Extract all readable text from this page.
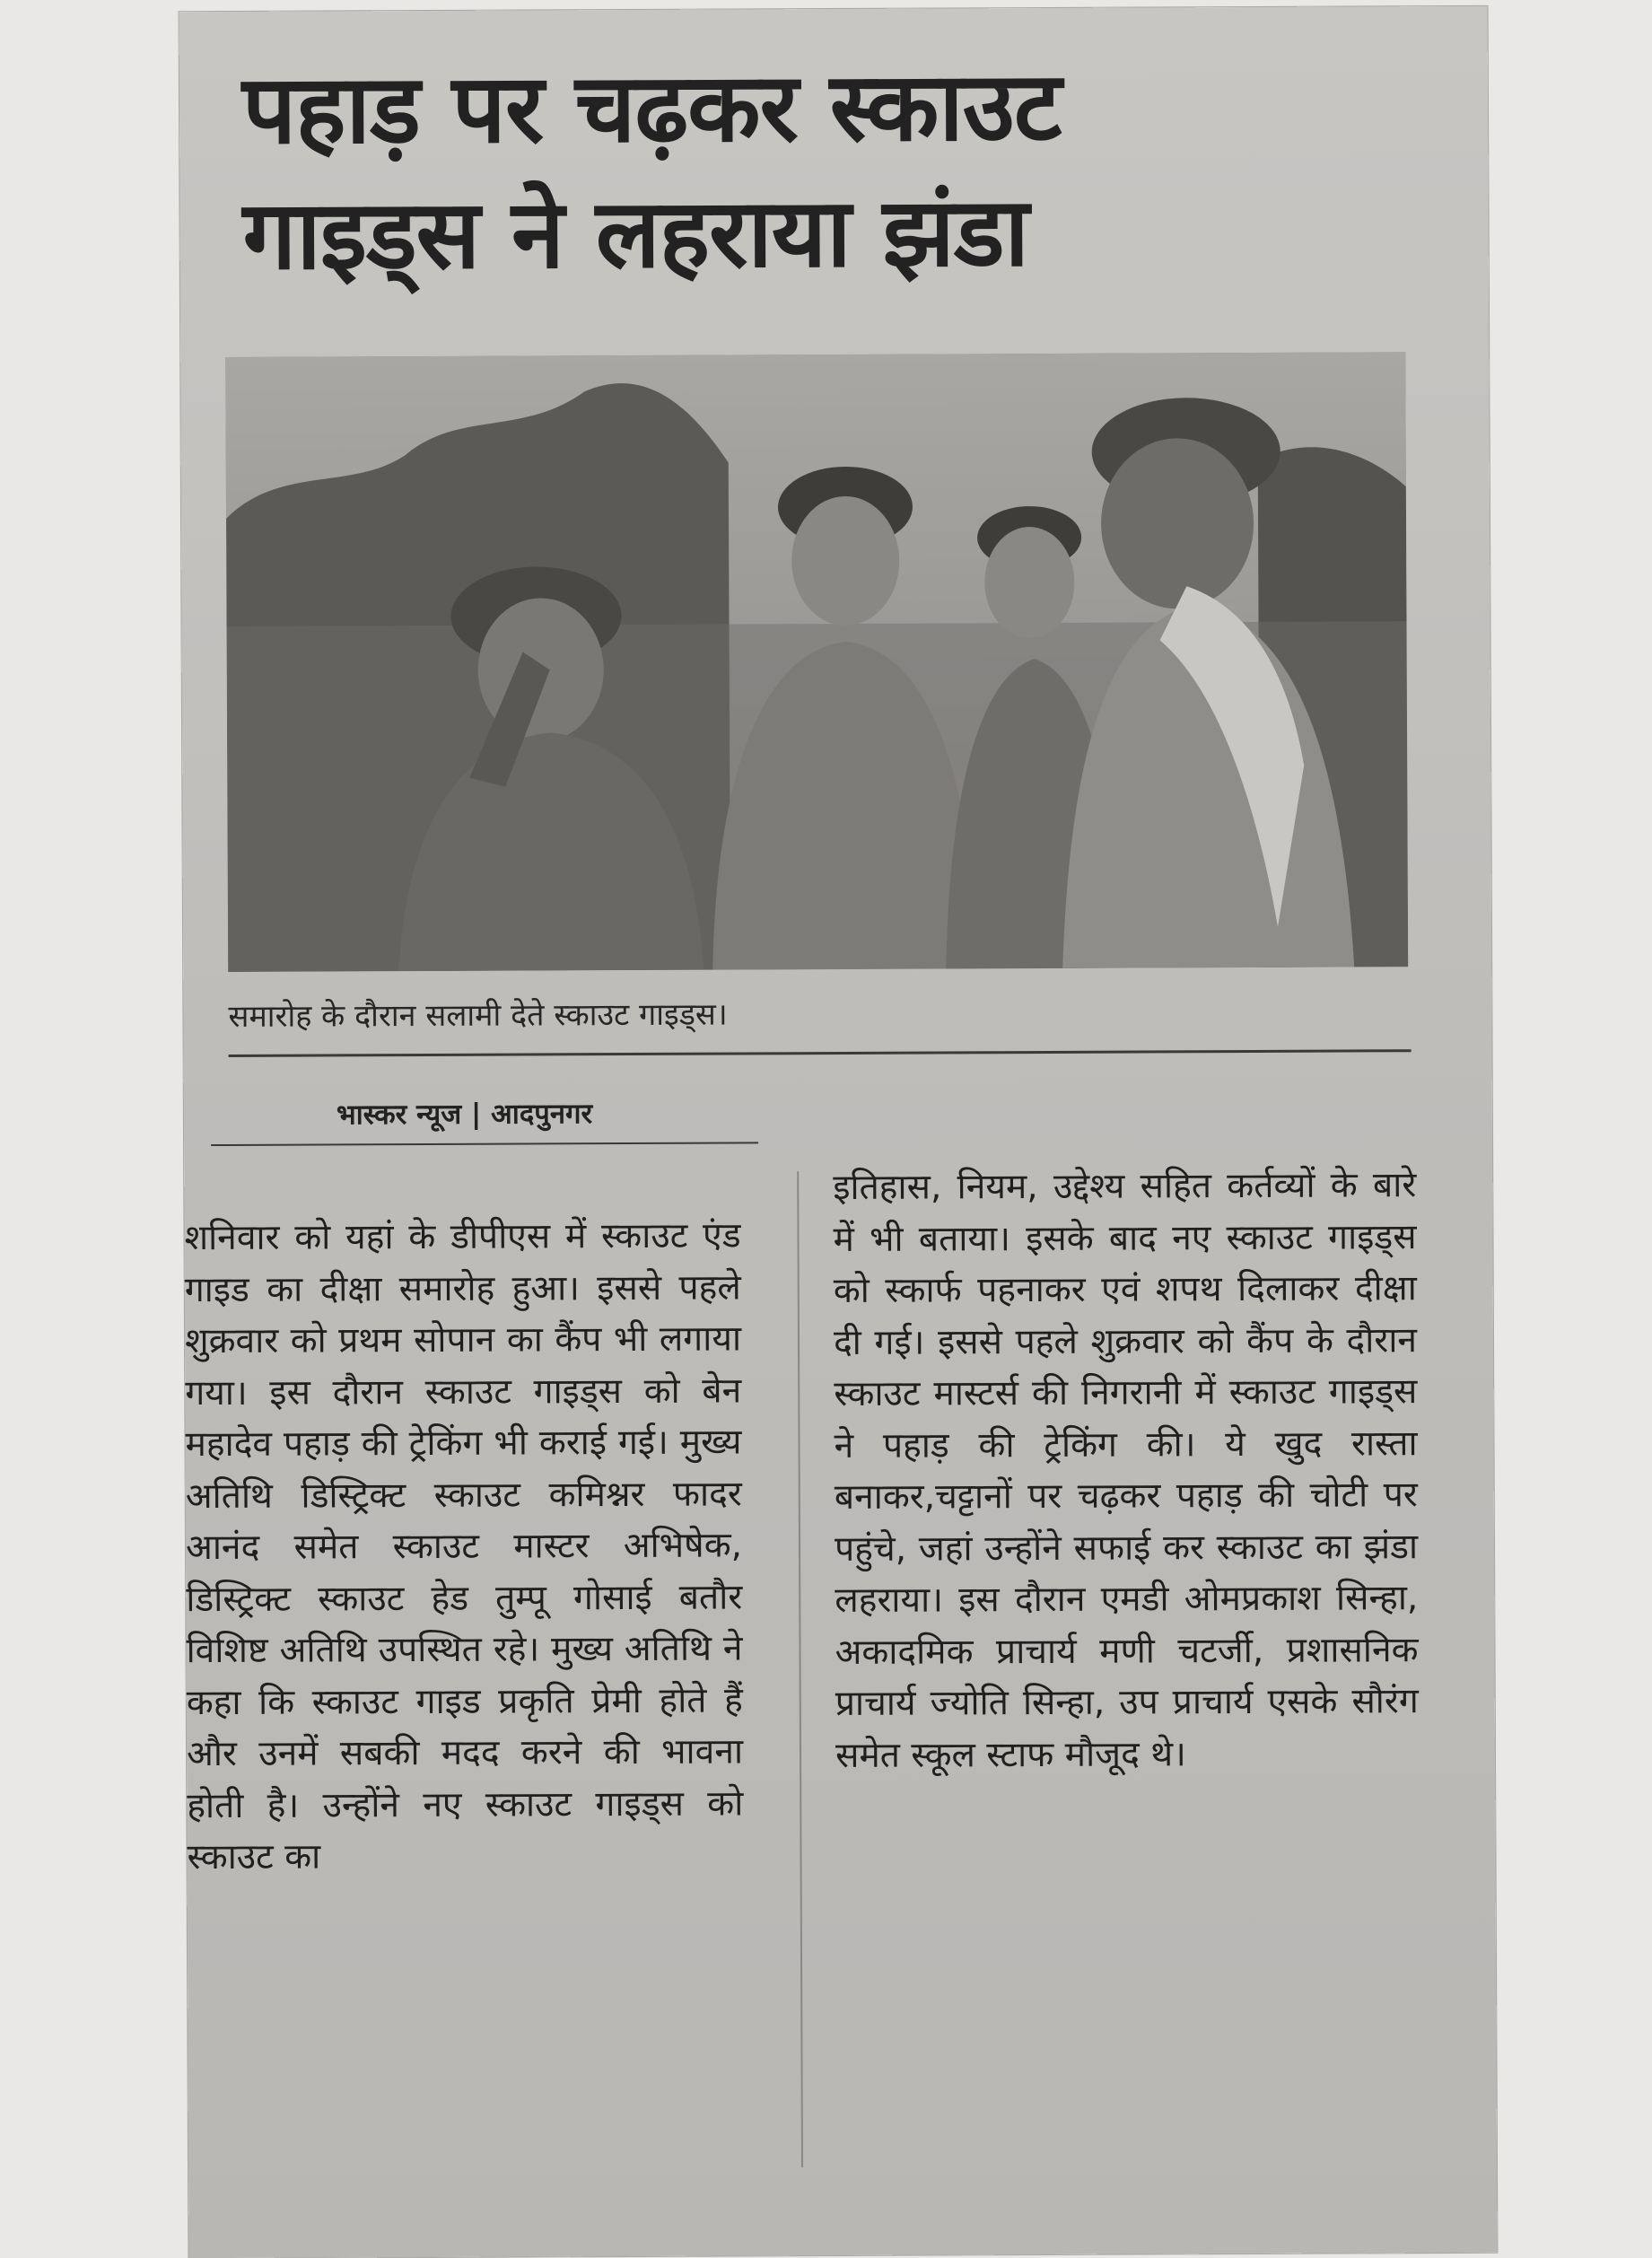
पहाड़ पर चढ़कर स्काउट
गाइड्स ने लहराया झंडा

समारोह के दौरान सलामी देते स्काउट गाइड्स।

भास्कर न्यूज | आदपुनगर

शनिवार को यहां के डीपीएस में स्काउट एंड गाइड का दीक्षा समारोह हुआ। इससे पहले शुक्रवार को प्रथम सोपान का कैंप भी लगाया गया। इस दौरान स्काउट गाइड्स को बेन महादेव पहाड़ की ट्रेकिंग भी कराई गई। मुख्य अतिथि डिस्ट्रिक्ट स्काउट कमिश्नर फादर आनंद समेत स्काउट मास्टर अभिषेक, डिस्ट्रिक्ट स्काउट हेड तुम्पू गोसाई बतौर विशिष्ट अतिथि उपस्थित रहे। मुख्य अतिथि ने कहा कि स्काउट गाइड प्रकृति प्रेमी होते हैं और उनमें सबकी मदद करने की भावना होती है। उन्होंने नए स्काउट गाइड्स को स्काउट का

इतिहास, नियम, उद्देश्य सहित कर्तव्यों के बारे में भी बताया। इसके बाद नए स्काउट गाइड्स को स्कार्फ पहनाकर एवं शपथ दिलाकर दीक्षा दी गई। इससे पहले शुक्रवार को कैंप के दौरान स्काउट मास्टर्स की निगरानी में स्काउट गाइड्स ने पहाड़ की ट्रेकिंग की। ये खुद रास्ता बनाकर,चट्टानों पर चढ़कर पहाड़ की चोटी पर पहुंचे, जहां उन्होंने सफाई कर स्काउट का झंडा लहराया। इस दौरान एमडी ओमप्रकाश सिन्हा, अकादमिक प्राचार्य मणी चटर्जी, प्रशासनिक प्राचार्य ज्योति सिन्हा, उप प्राचार्य एसके सौरंग समेत स्कूल स्टाफ मौजूद थे।
